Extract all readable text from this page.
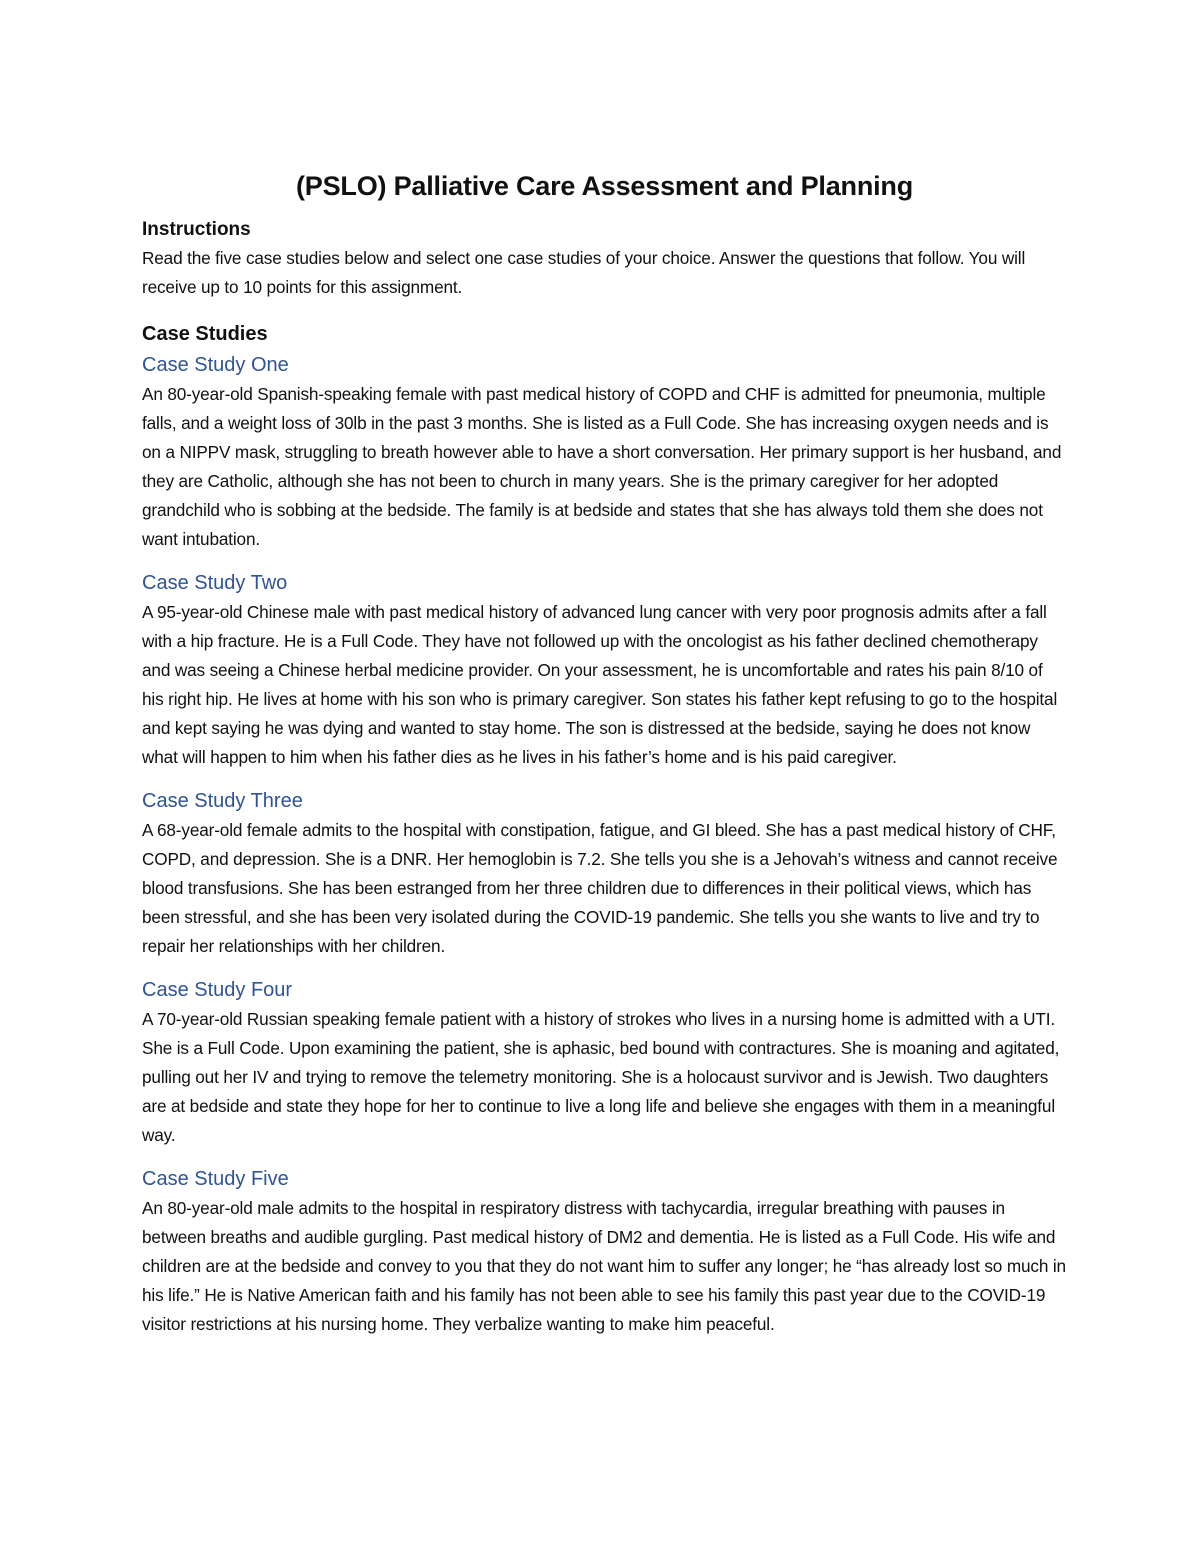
(PSLO) Palliative Care Assessment and Planning
Instructions

Read the five case studies below and select one case studies of your choice. Answer the questions that follow. You will receive up to 10 points for this assignment.

Case Studies
Case Study One

An 80-year-old Spanish-speaking female with past medical history of COPD and CHF is admitted for pneumonia, multiple falls, and a weight loss of 30lb in the past 3 months. She is listed as a Full Code. She has increasing oxygen needs and is on a NIPPV mask, struggling to breath however able to have a short conversation. Her primary support is her husband, and they are Catholic, although she has not been to church in many years. She is the primary caregiver for her adopted grandchild who is sobbing at the bedside. The family is at bedside and states that she has always told them she does not want intubation.

Case Study Two

A 95-year-old Chinese male with past medical history of advanced lung cancer with very poor prognosis admits after a fall with a hip fracture. He is a Full Code. They have not followed up with the oncologist as his father declined chemotherapy and was seeing a Chinese herbal medicine provider. On your assessment, he is uncomfortable and rates his pain 8/10 of his right hip. He lives at home with his son who is primary caregiver. Son states his father kept refusing to go to the hospital and kept saying he was dying and wanted to stay home. The son is distressed at the bedside, saying he does not know what will happen to him when his father dies as he lives in his father’s home and is his paid caregiver.

Case Study Three

A 68-year-old female admits to the hospital with constipation, fatigue, and GI bleed. She has a past medical history of CHF, COPD, and depression. She is a DNR. Her hemoglobin is 7.2. She tells you she is a Jehovah’s witness and cannot receive blood transfusions. She has been estranged from her three children due to differences in their political views, which has been stressful, and she has been very isolated during the COVID-19 pandemic. She tells you she wants to live and try to repair her relationships with her children.

Case Study Four

A 70-year-old Russian speaking female patient with a history of strokes who lives in a nursing home is admitted with a UTI. She is a Full Code. Upon examining the patient, she is aphasic, bed bound with contractures. She is moaning and agitated, pulling out her IV and trying to remove the telemetry monitoring. She is a holocaust survivor and is Jewish. Two daughters are at bedside and state they hope for her to continue to live a long life and believe she engages with them in a meaningful way.

Case Study Five

An 80-year-old male admits to the hospital in respiratory distress with tachycardia, irregular breathing with pauses in between breaths and audible gurgling. Past medical history of DM2 and dementia. He is listed as a Full Code. His wife and children are at the bedside and convey to you that they do not want him to suffer any longer; he “has already lost so much in his life.” He is Native American faith and his family has not been able to see his family this past year due to the COVID-19 visitor restrictions at his nursing home. They verbalize wanting to make him peaceful.
